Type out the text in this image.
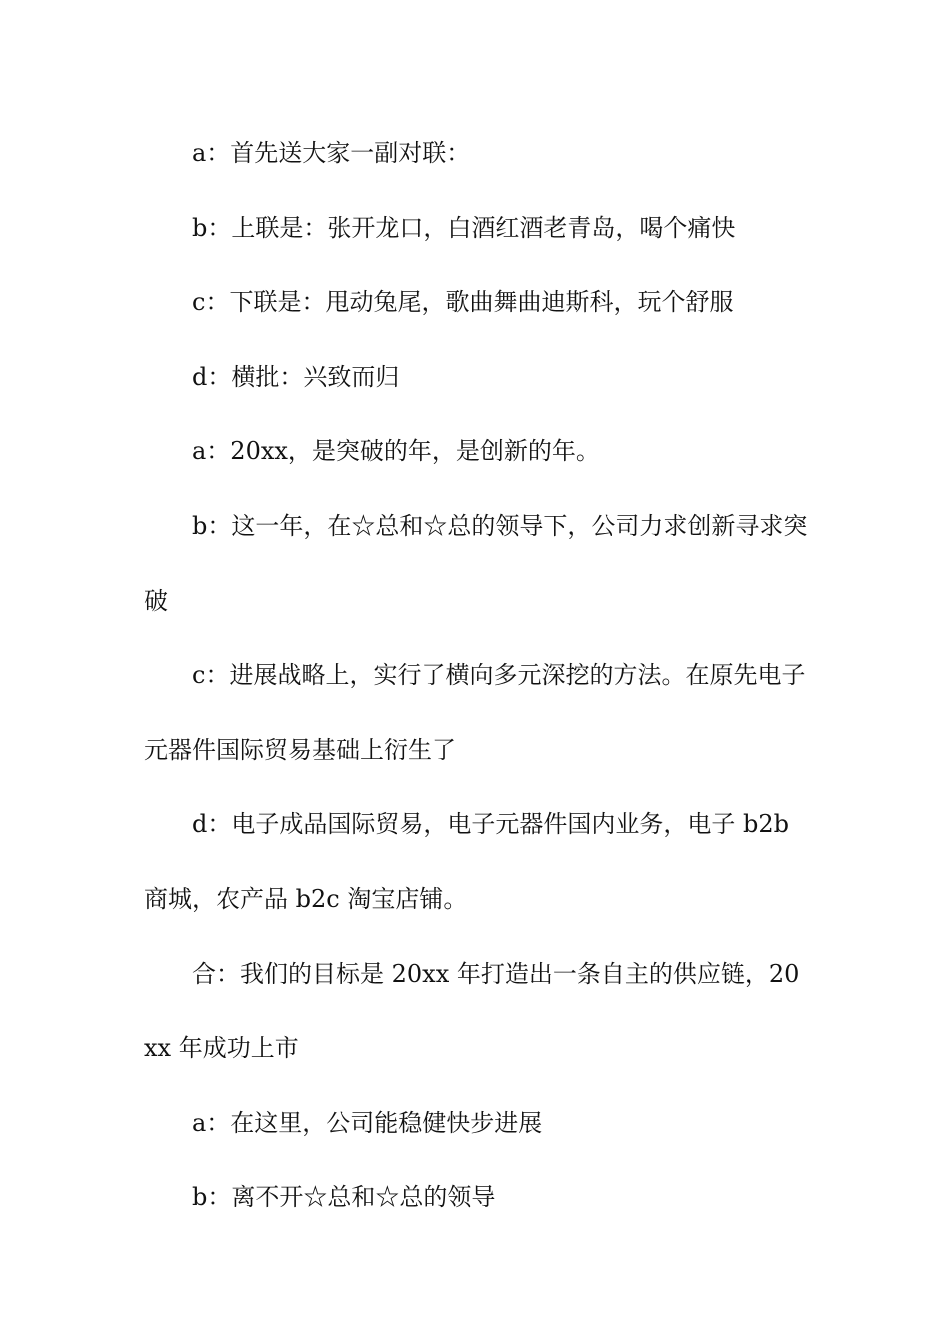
a：首先送大家一副对联：

b：上联是：张开龙口，白酒红酒老青岛，喝个痛快

c：下联是：甩动兔尾，歌曲舞曲迪斯科，玩个舒服

d：横批：兴致而归

a：20xx，是突破的年，是创新的年。

b：这一年，在☆总和☆总的领导下，公司力求创新寻求突破

c：进展战略上，实行了横向多元深挖的方法。在原先电子元器件国际贸易基础上衍生了

d：电子成品国际贸易，电子元器件国内业务，电子 b2b 商城，农产品 b2c 淘宝店铺。

合：我们的目标是 20xx 年打造出一条自主的供应链，20xx 年成功上市

a：在这里，公司能稳健快步进展

b：离不开☆总和☆总的领导
